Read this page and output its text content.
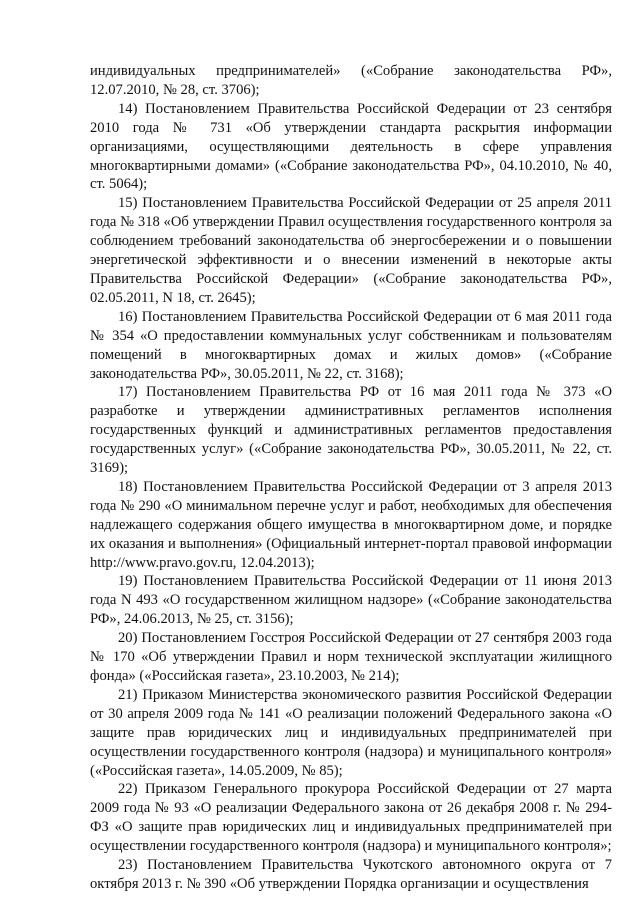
индивидуальных предпринимателей» («Собрание законодательства РФ», 12.07.2010, № 28, ст. 3706);

14) Постановлением Правительства Российской Федерации от 23 сентября 2010 года № 731 «Об утверждении стандарта раскрытия информации организациями, осуществляющими деятельность в сфере управления многоквартирными домами» («Собрание законодательства РФ», 04.10.2010, № 40, ст. 5064);

15) Постановлением Правительства Российской Федерации от 25 апреля 2011 года № 318 «Об утверждении Правил осуществления государственного контроля за соблюдением требований законодательства об энергосбережении и о повышении энергетической эффективности и о внесении изменений в некоторые акты Правительства Российской Федерации» («Собрание законодательства РФ», 02.05.2011, N 18, ст. 2645);

16) Постановлением Правительства Российской Федерации от 6 мая 2011 года № 354 «О предоставлении коммунальных услуг собственникам и пользователям помещений в многоквартирных домах и жилых домов» («Собрание законодательства РФ», 30.05.2011, № 22, ст. 3168);

17) Постановлением Правительства РФ от 16 мая 2011 года № 373 «О разработке и утверждении административных регламентов исполнения государственных функций и административных регламентов предоставления государственных услуг» («Собрание законодательства РФ», 30.05.2011, № 22, ст. 3169);

18) Постановлением Правительства Российской Федерации от 3 апреля 2013 года № 290 «О минимальном перечне услуг и работ, необходимых для обеспечения надлежащего содержания общего имущества в многоквартирном доме, и порядке их оказания и выполнения» (Официальный интернет-портал правовой информации http://www.pravo.gov.ru, 12.04.2013);

19) Постановлением Правительства Российской Федерации от 11 июня 2013 года N 493 «О государственном жилищном надзоре» («Собрание законодательства РФ», 24.06.2013, № 25, ст. 3156);

20) Постановлением Госстроя Российской Федерации от 27 сентября 2003 года № 170 «Об утверждении Правил и норм технической эксплуатации жилищного фонда» («Российская газета», 23.10.2003, № 214);

21) Приказом Министерства экономического развития Российской Федерации от 30 апреля 2009 года № 141 «О реализации положений Федерального закона «О защите прав юридических лиц и индивидуальных предпринимателей при осуществлении государственного контроля (надзора) и муниципального контроля» («Российская газета», 14.05.2009, № 85);

22) Приказом Генерального прокурора Российской Федерации от 27 марта 2009 года № 93 «О реализации Федерального закона от 26 декабря 2008 г. № 294-ФЗ «О защите прав юридических лиц и индивидуальных предпринимателей при осуществлении государственного контроля (надзора) и муниципального контроля»;

23) Постановлением Правительства Чукотского автономного округа от 7 октября 2013 г. № 390 «Об утверждении Порядка организации и осуществления
